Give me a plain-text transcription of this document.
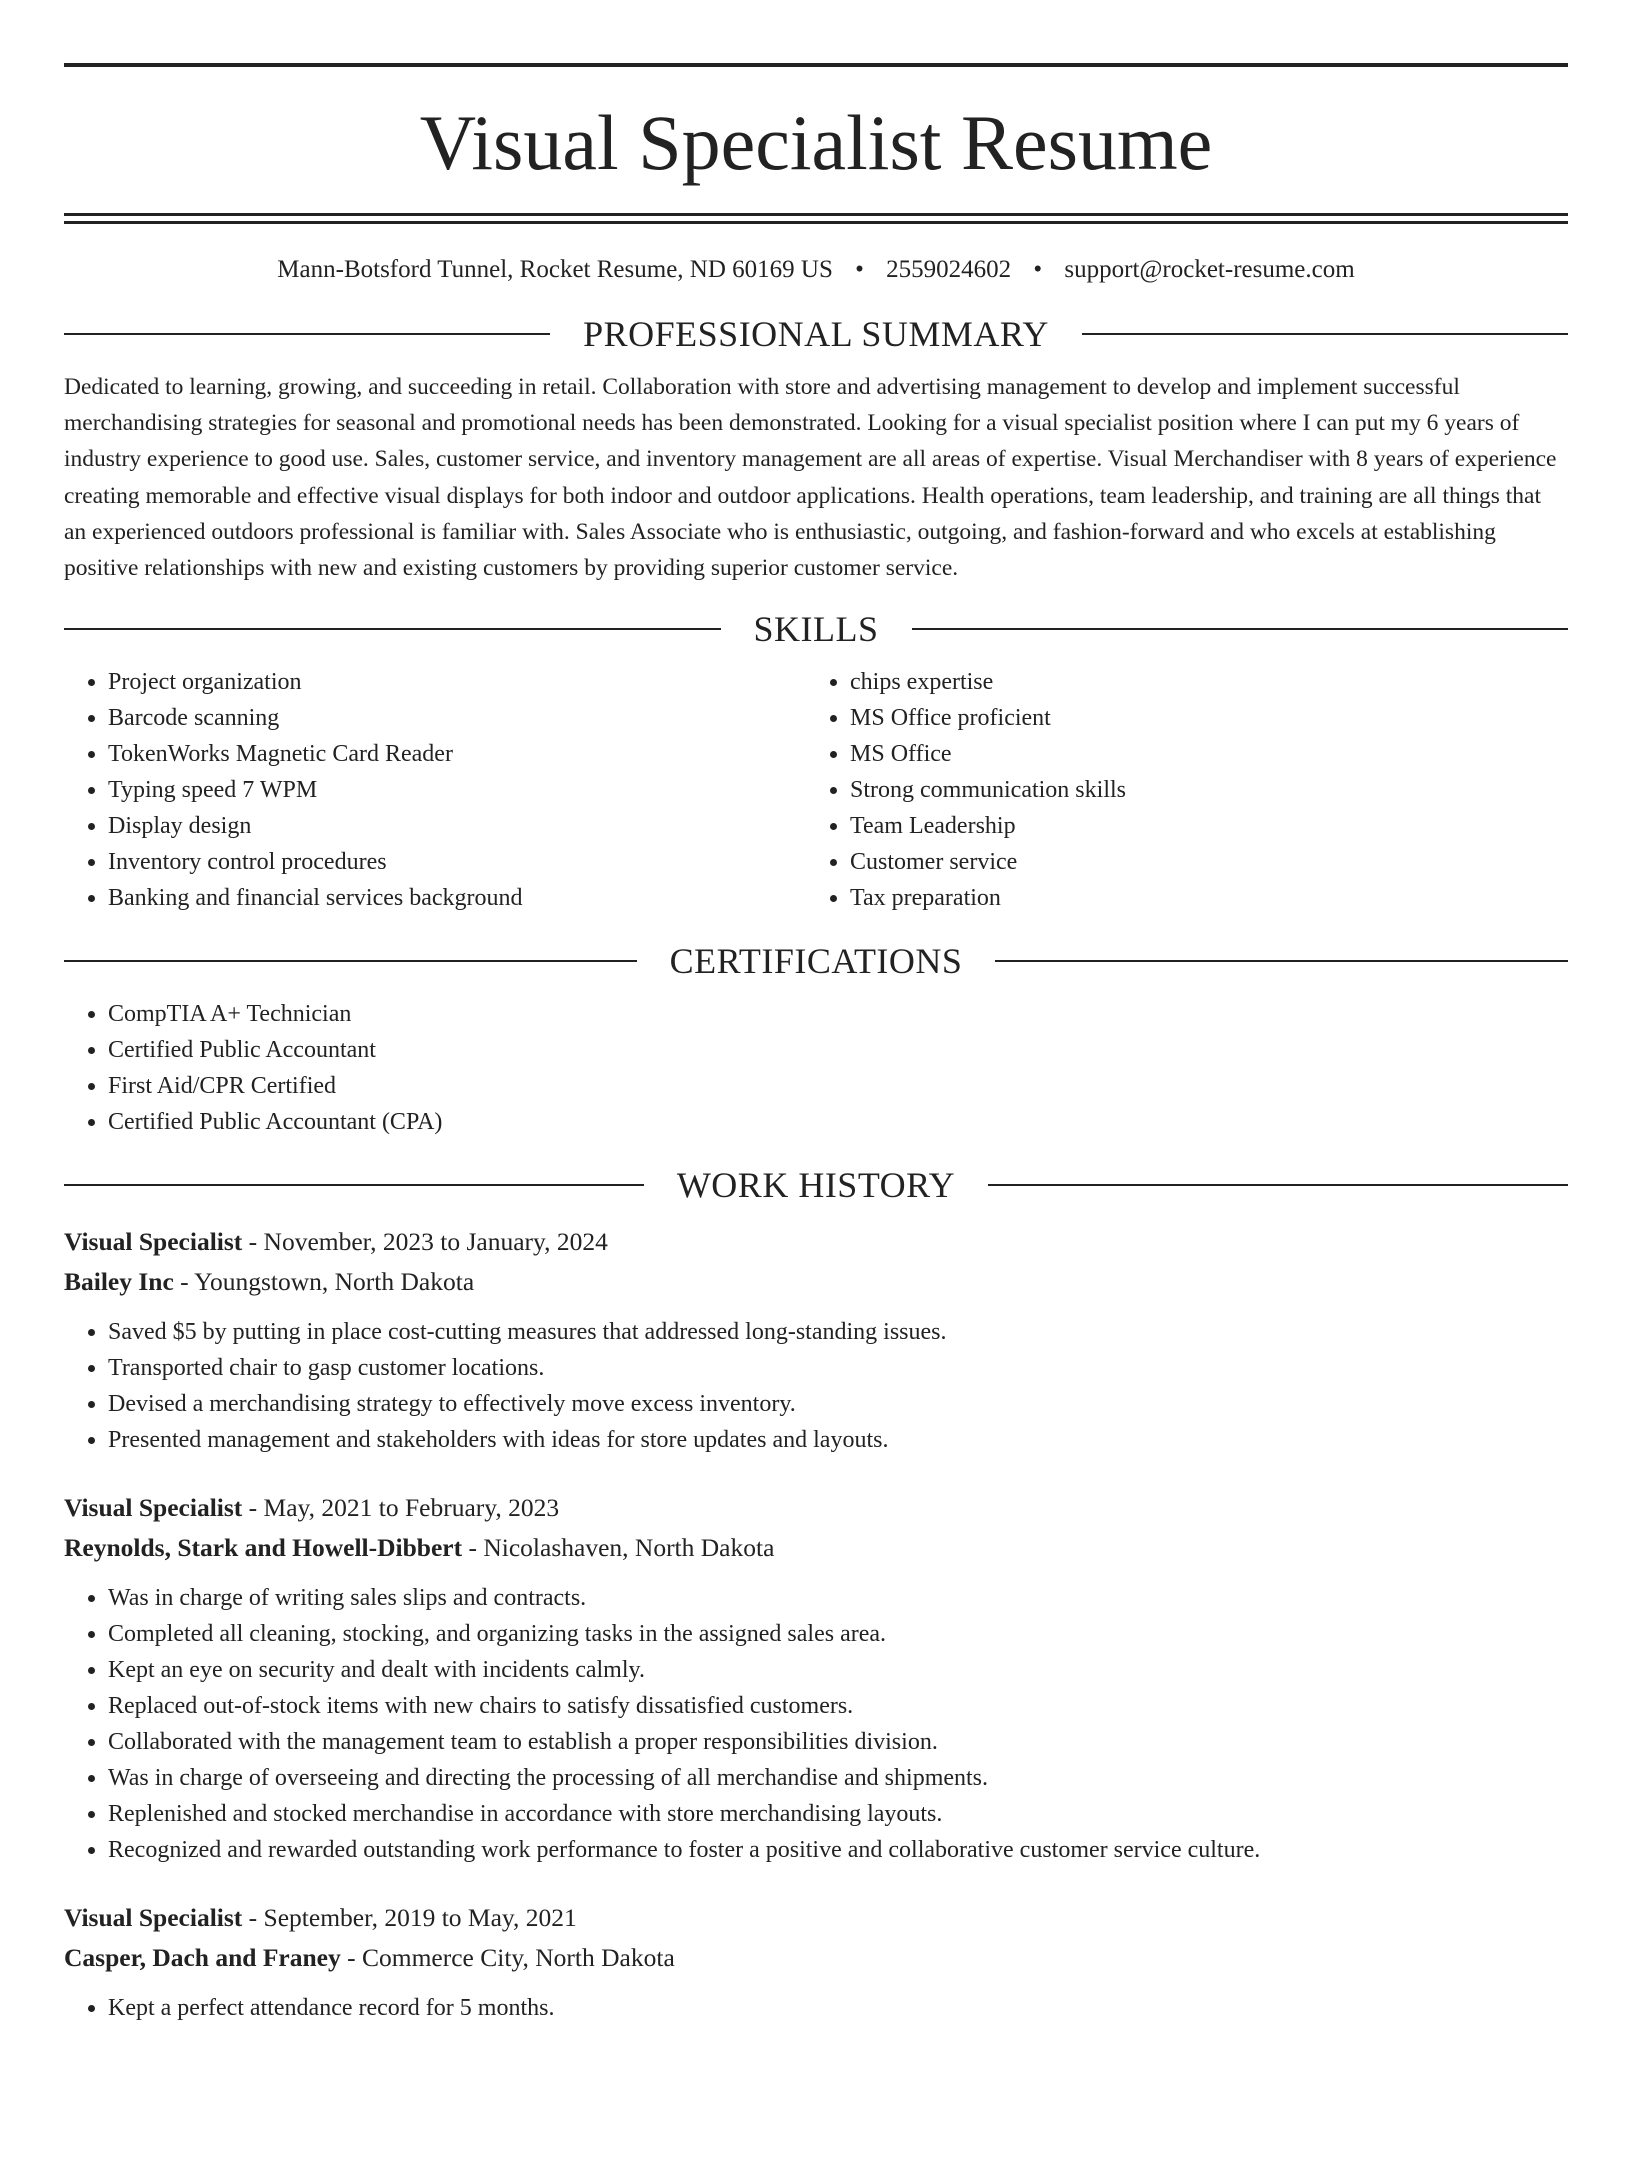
Visual Specialist Resume
Mann-Botsford Tunnel, Rocket Resume, ND 60169 US • 2559024602 • support@rocket-resume.com
PROFESSIONAL SUMMARY

Dedicated to learning, growing, and succeeding in retail. Collaboration with store and advertising management to develop and implement successful merchandising strategies for seasonal and promotional needs has been demonstrated. Looking for a visual specialist position where I can put my 6 years of industry experience to good use. Sales, customer service, and inventory management are all areas of expertise. Visual Merchandiser with 8 years of experience creating memorable and effective visual displays for both indoor and outdoor applications. Health operations, team leadership, and training are all things that an experienced outdoors professional is familiar with. Sales Associate who is enthusiastic, outgoing, and fashion-forward and who excels at establishing positive relationships with new and existing customers by providing superior customer service.

SKILLS
• Project organization
• Barcode scanning
• TokenWorks Magnetic Card Reader
• Typing speed 7 WPM
• Display design
• Inventory control procedures
• Banking and financial services background
• chips expertise
• MS Office proficient
• MS Office
• Strong communication skills
• Team Leadership
• Customer service
• Tax preparation
CERTIFICATIONS
• CompTIA A+ Technician
• Certified Public Accountant
• First Aid/CPR Certified
• Certified Public Accountant (CPA)
WORK HISTORY
Visual Specialist - November, 2023 to January, 2024
Bailey Inc - Youngstown, North Dakota
• Saved $5 by putting in place cost-cutting measures that addressed long-standing issues.
• Transported chair to gasp customer locations.
• Devised a merchandising strategy to effectively move excess inventory.
• Presented management and stakeholders with ideas for store updates and layouts.
Visual Specialist - May, 2021 to February, 2023
Reynolds, Stark and Howell-Dibbert - Nicolashaven, North Dakota
• Was in charge of writing sales slips and contracts.
• Completed all cleaning, stocking, and organizing tasks in the assigned sales area.
• Kept an eye on security and dealt with incidents calmly.
• Replaced out-of-stock items with new chairs to satisfy dissatisfied customers.
• Collaborated with the management team to establish a proper responsibilities division.
• Was in charge of overseeing and directing the processing of all merchandise and shipments.
• Replenished and stocked merchandise in accordance with store merchandising layouts.
• Recognized and rewarded outstanding work performance to foster a positive and collaborative customer service culture.
Visual Specialist - September, 2019 to May, 2021
Casper, Dach and Franey - Commerce City, North Dakota
• Kept a perfect attendance record for 5 months.
